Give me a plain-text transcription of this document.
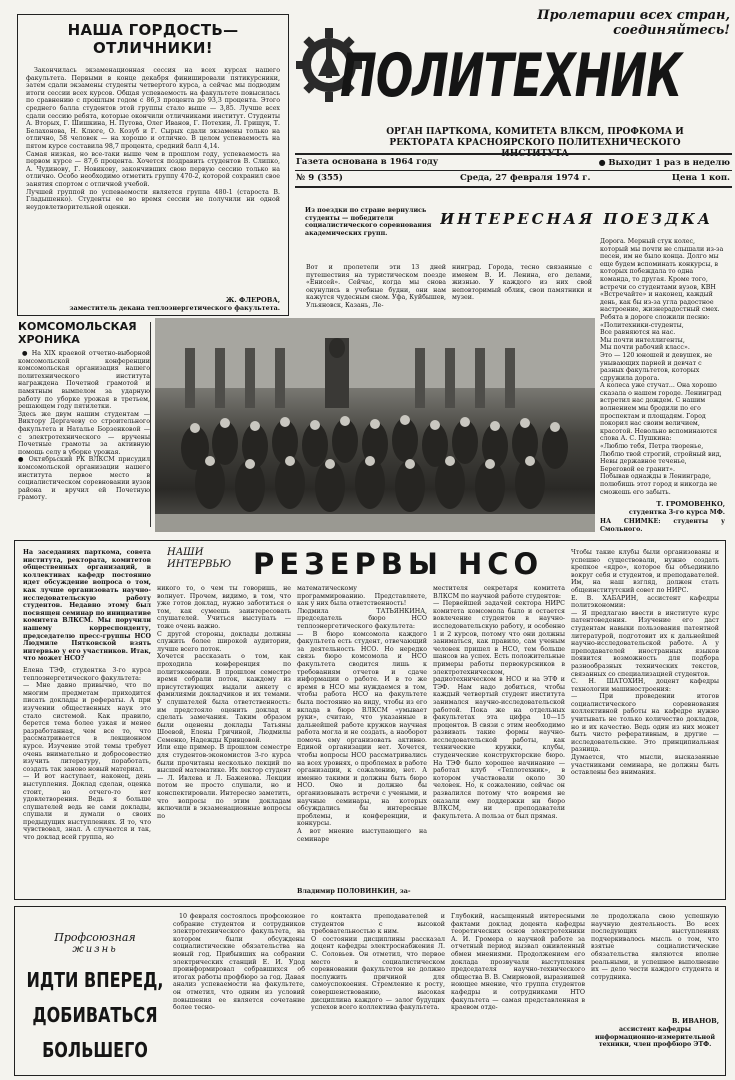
Пролетарии всех стран, соединяйтесь!
ПОЛИТЕХНИК
ОРГАН ПАРТКОМА, КОМИТЕТА ВЛКСМ, ПРОФКОМА И РЕКТОРАТА КРАСНОЯРСКОГО ПОЛИТЕХНИЧЕСКОГО
Газета основана в 1964 году	● Выходит 1 раз в неделю
№ 9 (355)	Среда, 27 февраля 1974 г.	Цена 1 коп.
НАША ГОРДОСТЬ—ОТЛИЧНИКИ!
Закончилась экзаменационная сессия на всех курсах нашего факультета. Первыми в конце декабря финишировали пятикурсники, затем сдали экзамены студенты четвертого курса, а сейчас мы подводим итоги сессии всех курсов. Общая успеваемость на факультете повысилась по сравнению с прошлым годом с 86,3 процента до 93,3 процента. Этого среднего балла студентов этой группы стало выше — 3,85. Лучше всех сдали сессию ребята, которые окончили отличниками институт. Студенты А. Вторых, Г. Шишкина, Н. Путова, Олег Иванов, Г. Потехин, Л. Грищук, Т. Белахонова, Н. Клюге, О. Козуб и Г. Сырых сдали экзамены только на отлично, 58 человек — на хорошо и отлично. В целом успеваемость на пятом курсе составила 98,7 процента, средний балл 4,14.
Самая низкая, но все-таки выше чем в прошлом году, успеваемость на первом курсе — 87,6 процента. Хочется поздравить студентов В. Слипко, А. Чудинову, Г. Новикову, закончивших свою первую сессию только на отлично. Особо необходимо отметить группу 470-2, которой сохранил свое занятия спортом с отличной учебой.
Лучшей группой по успеваемости является группа 480-1 (староста В. Гладышенко). Студенты ее во время сессии не получили ни одной неудовлетворительной оценки.
Ж. ФЛЕРОВА,
заместитель декана теплоэнергетического факультета.
КОМСОМОЛЬСКАЯ ХРОНИКА
● На XIX краевой отчетно-выборной комсомольской конференции комсомольская организация нашего политехнического института награждена Почетной грамотой и памятным вымпелом за ударную работу по уборке урожая в третьем, решающем году пятилетки.
Здесь же двум нашим студентам — Виктору Дергачеву со строительного факультета и Наталье Борзенковой — с электротехнического — вручены Почетные грамоты за активную помощь селу в уборке урожая.
● Октябрьский РК ВЛКСМ присудил комсомольской организации нашего института первое место в социалистическом соревновании вузов района и вручил ей Почетную грамоту.
Из поездки по стране вернулись студенты — победители социалистического соревнования академических групп.
ИНТЕРЕСНАЯ ПОЕЗДКА
Вот и пролетели эти 13 дней путешествия на туристическом поезде «Енисей». Сейчас, когда мы снова окунулись в учебные будни, они нам кажутся чудесным сном. Уфа, Куйбышев, Ульяновск, Казань, Ле-
нинград. Города, тесно связанные с именем В. И. Ленина, его делами, жизнью. У каждого из них свой неповторимый облик, свои памятники и музеи.
Дорога. Мерный стук колес, который мы почти не слышали из-за песен, им не было конца. Долго мы еще будем вспоминать конкурсы, в которых побеждала то одна команда, то другая. Кроме того, встречи со студентами вузов, КВН «Встречайте» и наконец, каждый день, как бы из-за угла радостное настроение, жизнерадостный смех.
Ребята в дороге сложили песню:
«Политехники-студенты,
Все равняются на нас.
Мы почти интеллигенты,
Мы почти рабочий класс».
Это — 120 юношей и девушек, не унывающих парней и девчат с разных факультетов, которых сдружила дорога.
А колеса уже стучат... Она хорошо сказала о нашем городе. Ленинград встретил нас дождем. С нашим волнением мы бродили по его проспектам и площадям. Город покорил нас своим величием, красотой. Невольно вспоминаются слова А. С. Пушкина:
«Люблю тебя, Петра творенье,
Люблю твой строгий, стройный вид,
Невы державное теченье,
Береговой ее гранит».
Побывав однажды в Ленинграде, полюбишь этот город и никогда не сможешь его забыть.
Т. ГРОМОВЕНКО,
студентка 3-го курса МФ.
НА СНИМКЕ: студенты у Смольного.
НАШИ ИНТЕРВЬЮ РЕЗЕРВЫ НСО
На заседаниях парткома, совета института, ректората, комитетов общественных организаций, в коллективах кафедр постоянно идет обсуждение вопроса о том, как лучше организовать научно-исследовательскую работу студентов. Недавно этому был посвящен семинар по инициативе комитета ВЛКСМ. Мы поручили нашему корреспонденту, председателю пресс-группы НСО Людмиле Пятковской взять интервью у его участников. Итак, что может НСО?
Елена ТЭФ, студентка 3-го курса теплоэнергетического факультета:
— Мне давно привычно, что по многим предметам приходится писать доклады и рефераты. А при изучении общественных наук это стало системой. Как правило, берется тема более узкая и менее разработанная, чем все то, что рассматривается в лекционном курсе. Изучение этой темы требует очень внимательно и добросовестно изучить литературу, поработать, создать так заново новый материал.
— И вот наступает, наконец, день выступления. Доклад сделан, оценка стоит, но отчего-то нет удовлетворения. Ведь я больше слушателей ведь не сами доклады, слушали и думали о своих предыдущих выступлениях. Я то, что чувствовал, знал. А случается и так, что доклад всей группа, но
никого то, о чем ты говоришь, не волнует. Прочем, видимо, в том, что уже готов доклад, нужно заботиться о том, как сумеешь заинтересовать слушателей. Учиться выступать — тоже очень важно.
С другой стороны, доклады должны служить более широкой аудитории, лучше всего поток.
Хочется рассказать о том, как проходила конференция по политэкономии. В прошлом семестре время собрали поток, каждому из присутствующих выдали анкету с фамилиями докладчиков и их темами. У слушателей была ответственность: им предстояло оценить доклад и сделать замечания. Таким образом были оценены доклады Татьяны Шоевой, Елены Гричиной, Людмилы Семенко, Надежды Кривцовой.
Или еще пример. В прошлом семестре для студентов-экономистов 3-го курса были прочитаны несколько лекций по высшей математике. Их лектор студент — Л. Ивлева и Л. Баженова. Лекции потом не просто слушали, но и конспектировали. Интересно заметить, что вопросы по этим докладам включили в экзаменационные вопросы по
математическому программированию. Представляете, как у них была ответственность!
Людмила ТАТЬЯНКИНА, председатель бюро НСО теплоэнергетического факультета:
— В бюро комсомола каждого факультета есть студент, отвечающий за деятельность НСО. Но нередко связь бюро комсомола и НСО факультета сводится лишь к требованиям отчетов и сдаче информации о работе. И в то же время в НСО мы нуждаемся в том, чтобы работа НСО на факультете была постоянно на виду, чтобы из его вклада в бюро ВЛКСМ «умывает руки», считаю, что указанные в дальнейшей работе кружков научная работа могла и не создать, а наоборот помочь ему организовать активно. Единой организации нет. Хочется, чтобы вопросы НСО рассматривались на всех уровнях, о проблемах в работе организации, к сожалению, нет. А именно такими и должны быть бюро НСО. Оно и должно бы организовывать встречи с учеными, и научные семинары, на которых обсуждались бы интересные проблемы, и конференции, и конкурсы.
А вот мнение выступающего на семинаре
Владимир ПОЛОВИНКИН, за-
местителя секретаря комитета ВЛКСМ по научной работе студентов:
— Первейшей задачей сектора НИРС комитета комсомола было и остается вовлечение студентов в научно-исследовательскую работу, и особенно 1 и 2 курсов, потому что они должны заниматься, как правило, сам ученым человек пришел в НСО, тем больше шансов на успех. Есть положительные примеры работы первокурсников в электротехническом, радиотехническом в НСО и на ЭТФ и ТЭФ. Нам надо добиться, чтобы каждый четвертый студент института занимался научно-исследовательской работой. Пока же на отдельных факультетах эта цифра 10—15 процентов. В связи с этим необходимо развивать такие формы научно-исследовательской работы, как технические кружки, клубы, студенческие конструкторские бюро. На ТЭФ было хорошее начинание — работал клуб «Теплотехник», в котором участвовали около 30 человек. Но, к сожалению, сейчас он развалился потому что вовремя не оказали ему поддержки ни бюро ВЛКСМ, ни преподаватели факультета. А польза от был прямая.
Чтобы такие клубы были организованы и успешно существовали, нужно создать крепкое «ядро», которое бы объединило вокруг себя и студентов, и преподавателей. Им, на наш взгляд, должен стать общеинститутский совет по НИРС.
Е. В. ХАБАРИН, ассистент кафедры политэкономии:
— Я предлагаю ввести в институте курс патентоведения. Изучение его даст студентам навыки пользования патентной литературой, подготовит их к дальнейшей научно-исследовательской работе. А у преподавателей иностранных языков появится возможность для подбора разнообразных технических текстов, связанных со специализацией студентов.
С. Н. ШАТОХИН, доцент кафедры технологии машиностроения:
— При проведении итогов социалистического соревнования коллективной работы на кафедре нужно учитывать не только количество докладов, но и их качество. Ведь один из них может быть чисто реферативным, в другие — исследовательские. Это принципиальная разница.
Думается, что мысли, высказанные участниками семинара, не должны быть оставлены без внимания.
Профсоюзная
жизнь
ИДТИ ВПЕРЕД, ДОБИВАТЬСЯ БОЛЬШЕГО
10 февраля состоялось профсоюзное собрание студентов и сотрудников электротехнического факультета, на котором были обсуждены социалистические обязательства на новый год. Прибывших на собрании электрических станций Е. И. Удод проинформировал собравшихся об итогах работы профбюро за год. Давая анализ успеваемости на факультете, он отметил, что одним из условий повышения ее является сочетание более тесно-
го контакта преподавателей и студентов с высокой требовательностью к ним.
О состоянии дисциплины рассказал доцент кафедры электроснабжения Л. С. Соловьев. Он отметил, что первое место в социалистическом соревновании факультетов не должно послужить причиной для самоуспокоения. Стремление к росту, совершенствованию, высокая дисциплина каждого — залог будущих успехов всего коллектива факультета.
Глубокий, насыщенный интересными фактами доклад доцента кафедры теоретических основ электротехники А. И. Громера о научной работе за отчетный период вызвал оживленный обмен мнениями. Продолжением его доклада прозвучали выступления председателя научно-технического общества В. В. Смирновой, выразившей ноющее мнение, что группа студентов кафедры и сотрудниками НТО факультета — самая представленная в краевом отде-
ле продолжала свою успешную научную деятельность. Во всех последующих выступлениях подчеркивалось мысль о том, что взятые социалистические обязательства являются вполне реальными, и успешное выполнение их — дело чести каждого студента и сотрудника.
В. ИВАНОВ,
ассистент кафедры информационно-измерительной техники, член профбюро ЭТФ.
